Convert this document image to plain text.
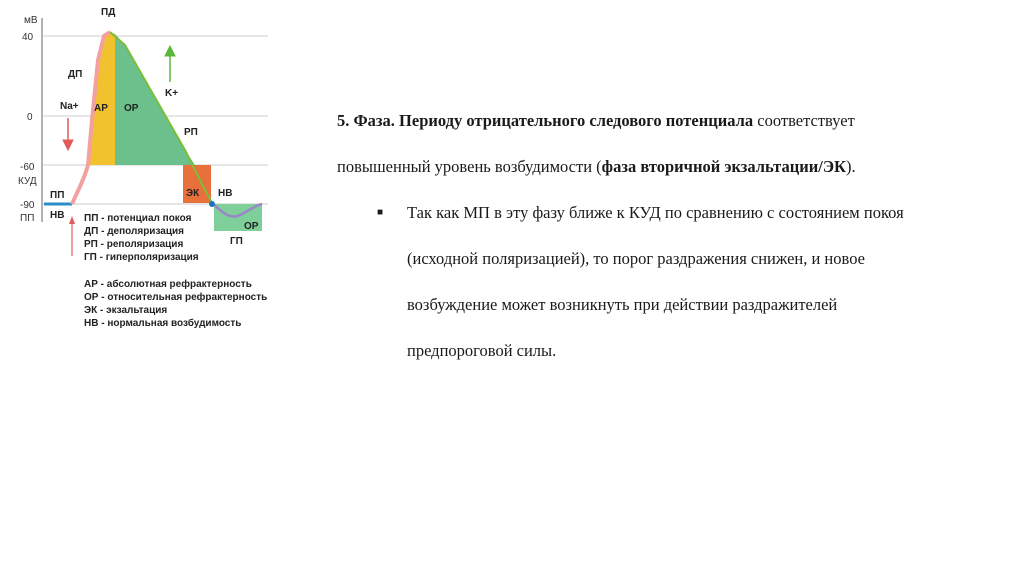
мВ
ПД
40
0
-60
КУД
-90
ПП
ДП
Na+ АР ОР
K+
РП
ЭК НВ
ОР
ГП
ПП
НВ ПП - потенциал покоя
ДП - деполяризация
РП - реполяризация
ГП - гиперполяризация
АР - абсолютная рефрактерность
ОР - относительная рефрактерность
ЭК - экзальтация
НВ - нормальная возбудимость

5. Фаза. Периоду отрицательного следового потенциала соответствует

повышенный уровень возбудимости (фаза вторичной экзальтации/ЭК).

■ Так как МП в эту фазу ближе к КУД по сравнению с состоянием покоя

(исходной поляризацией), то порог раздражения снижен, и новое

возбуждение может возникнуть при действии раздражителей

предпороговой силы.
